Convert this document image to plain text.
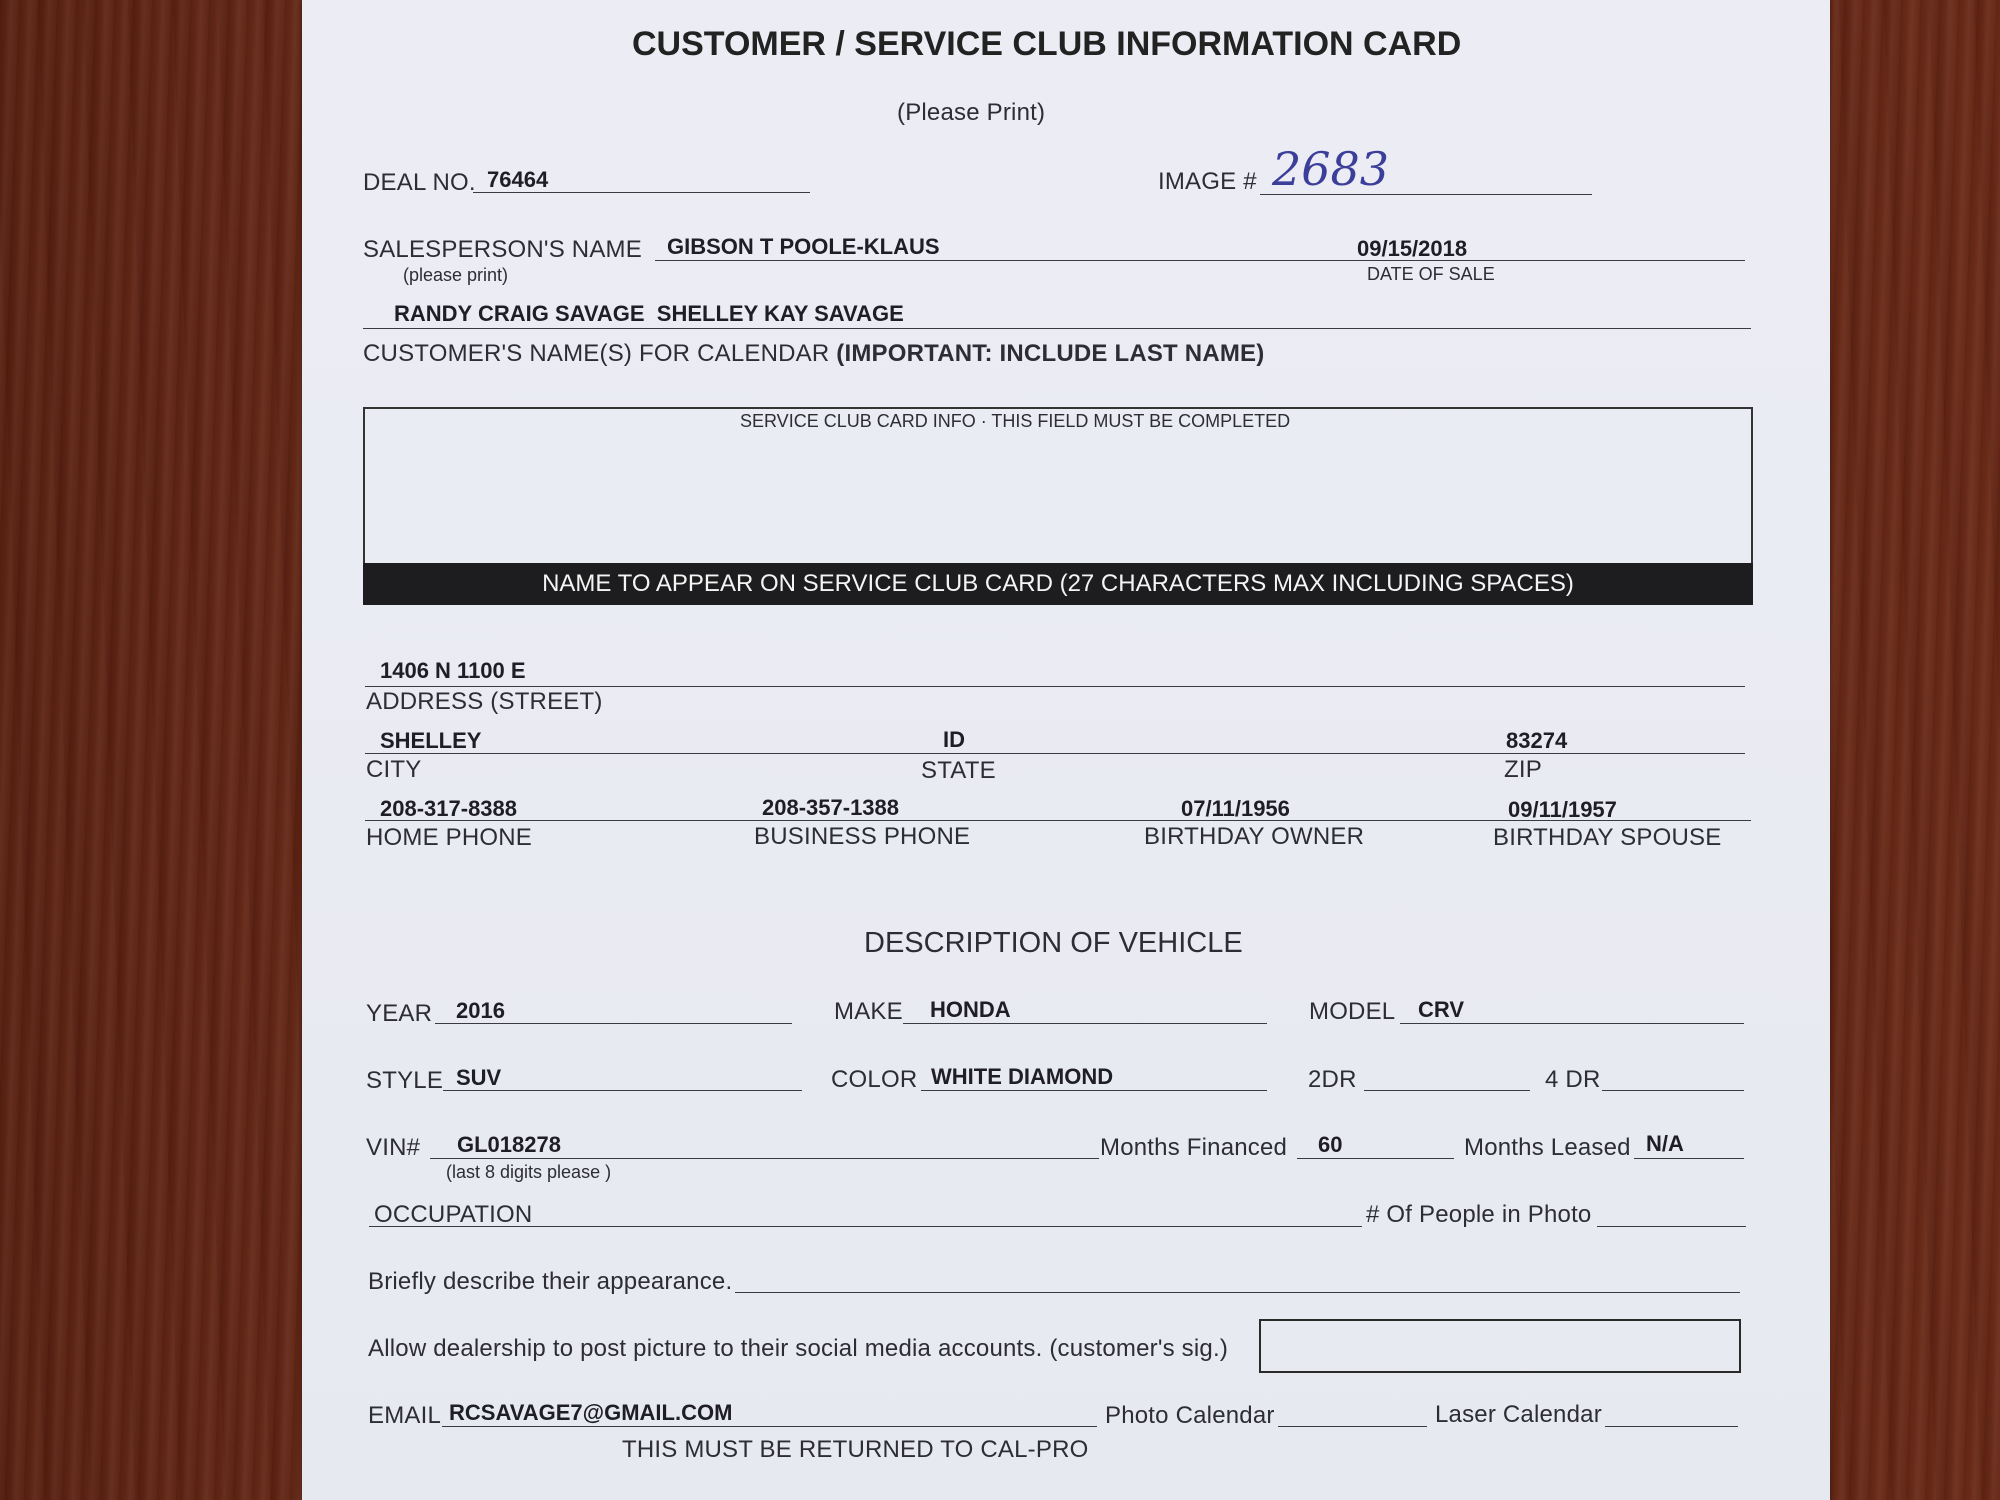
CUSTOMER / SERVICE CLUB INFORMATION CARD
(Please Print)
DEAL NO. 76464	IMAGE # 2683
SALESPERSON'S NAME
(please print)
GIBSON T POOLE-KLAUS	09/15/2018
DATE OF SALE
RANDY CRAIG SAVAGE  SHELLEY KAY SAVAGE
CUSTOMER'S NAME(S) FOR CALENDAR (IMPORTANT: INCLUDE LAST NAME)
SERVICE CLUB CARD INFO · THIS FIELD MUST BE COMPLETED
NAME TO APPEAR ON SERVICE CLUB CARD (27 CHARACTERS MAX INCLUDING SPACES)
1406 N 1100 E
ADDRESS (STREET)
SHELLEY	ID	83274
CITY	STATE	ZIP
208-317-8388	208-357-1388	07/11/1956	09/11/1957
HOME PHONE	BUSINESS PHONE	BIRTHDAY OWNER	BIRTHDAY SPOUSE
DESCRIPTION OF VEHICLE
YEAR 2016	MAKE HONDA	MODEL CRV
STYLE SUV	COLOR WHITE DIAMOND	2DR	4 DR
VIN# GL018278
(last 8 digits please )
Months Financed 60	Months Leased N/A
OCCUPATION	# Of People in Photo
Briefly describe their appearance.
Allow dealership to post picture to their social media accounts. (customer's sig.)
EMAIL RCSAVAGE7@GMAIL.COM	Photo Calendar	Laser Calendar
THIS MUST BE RETURNED TO CAL-PRO
